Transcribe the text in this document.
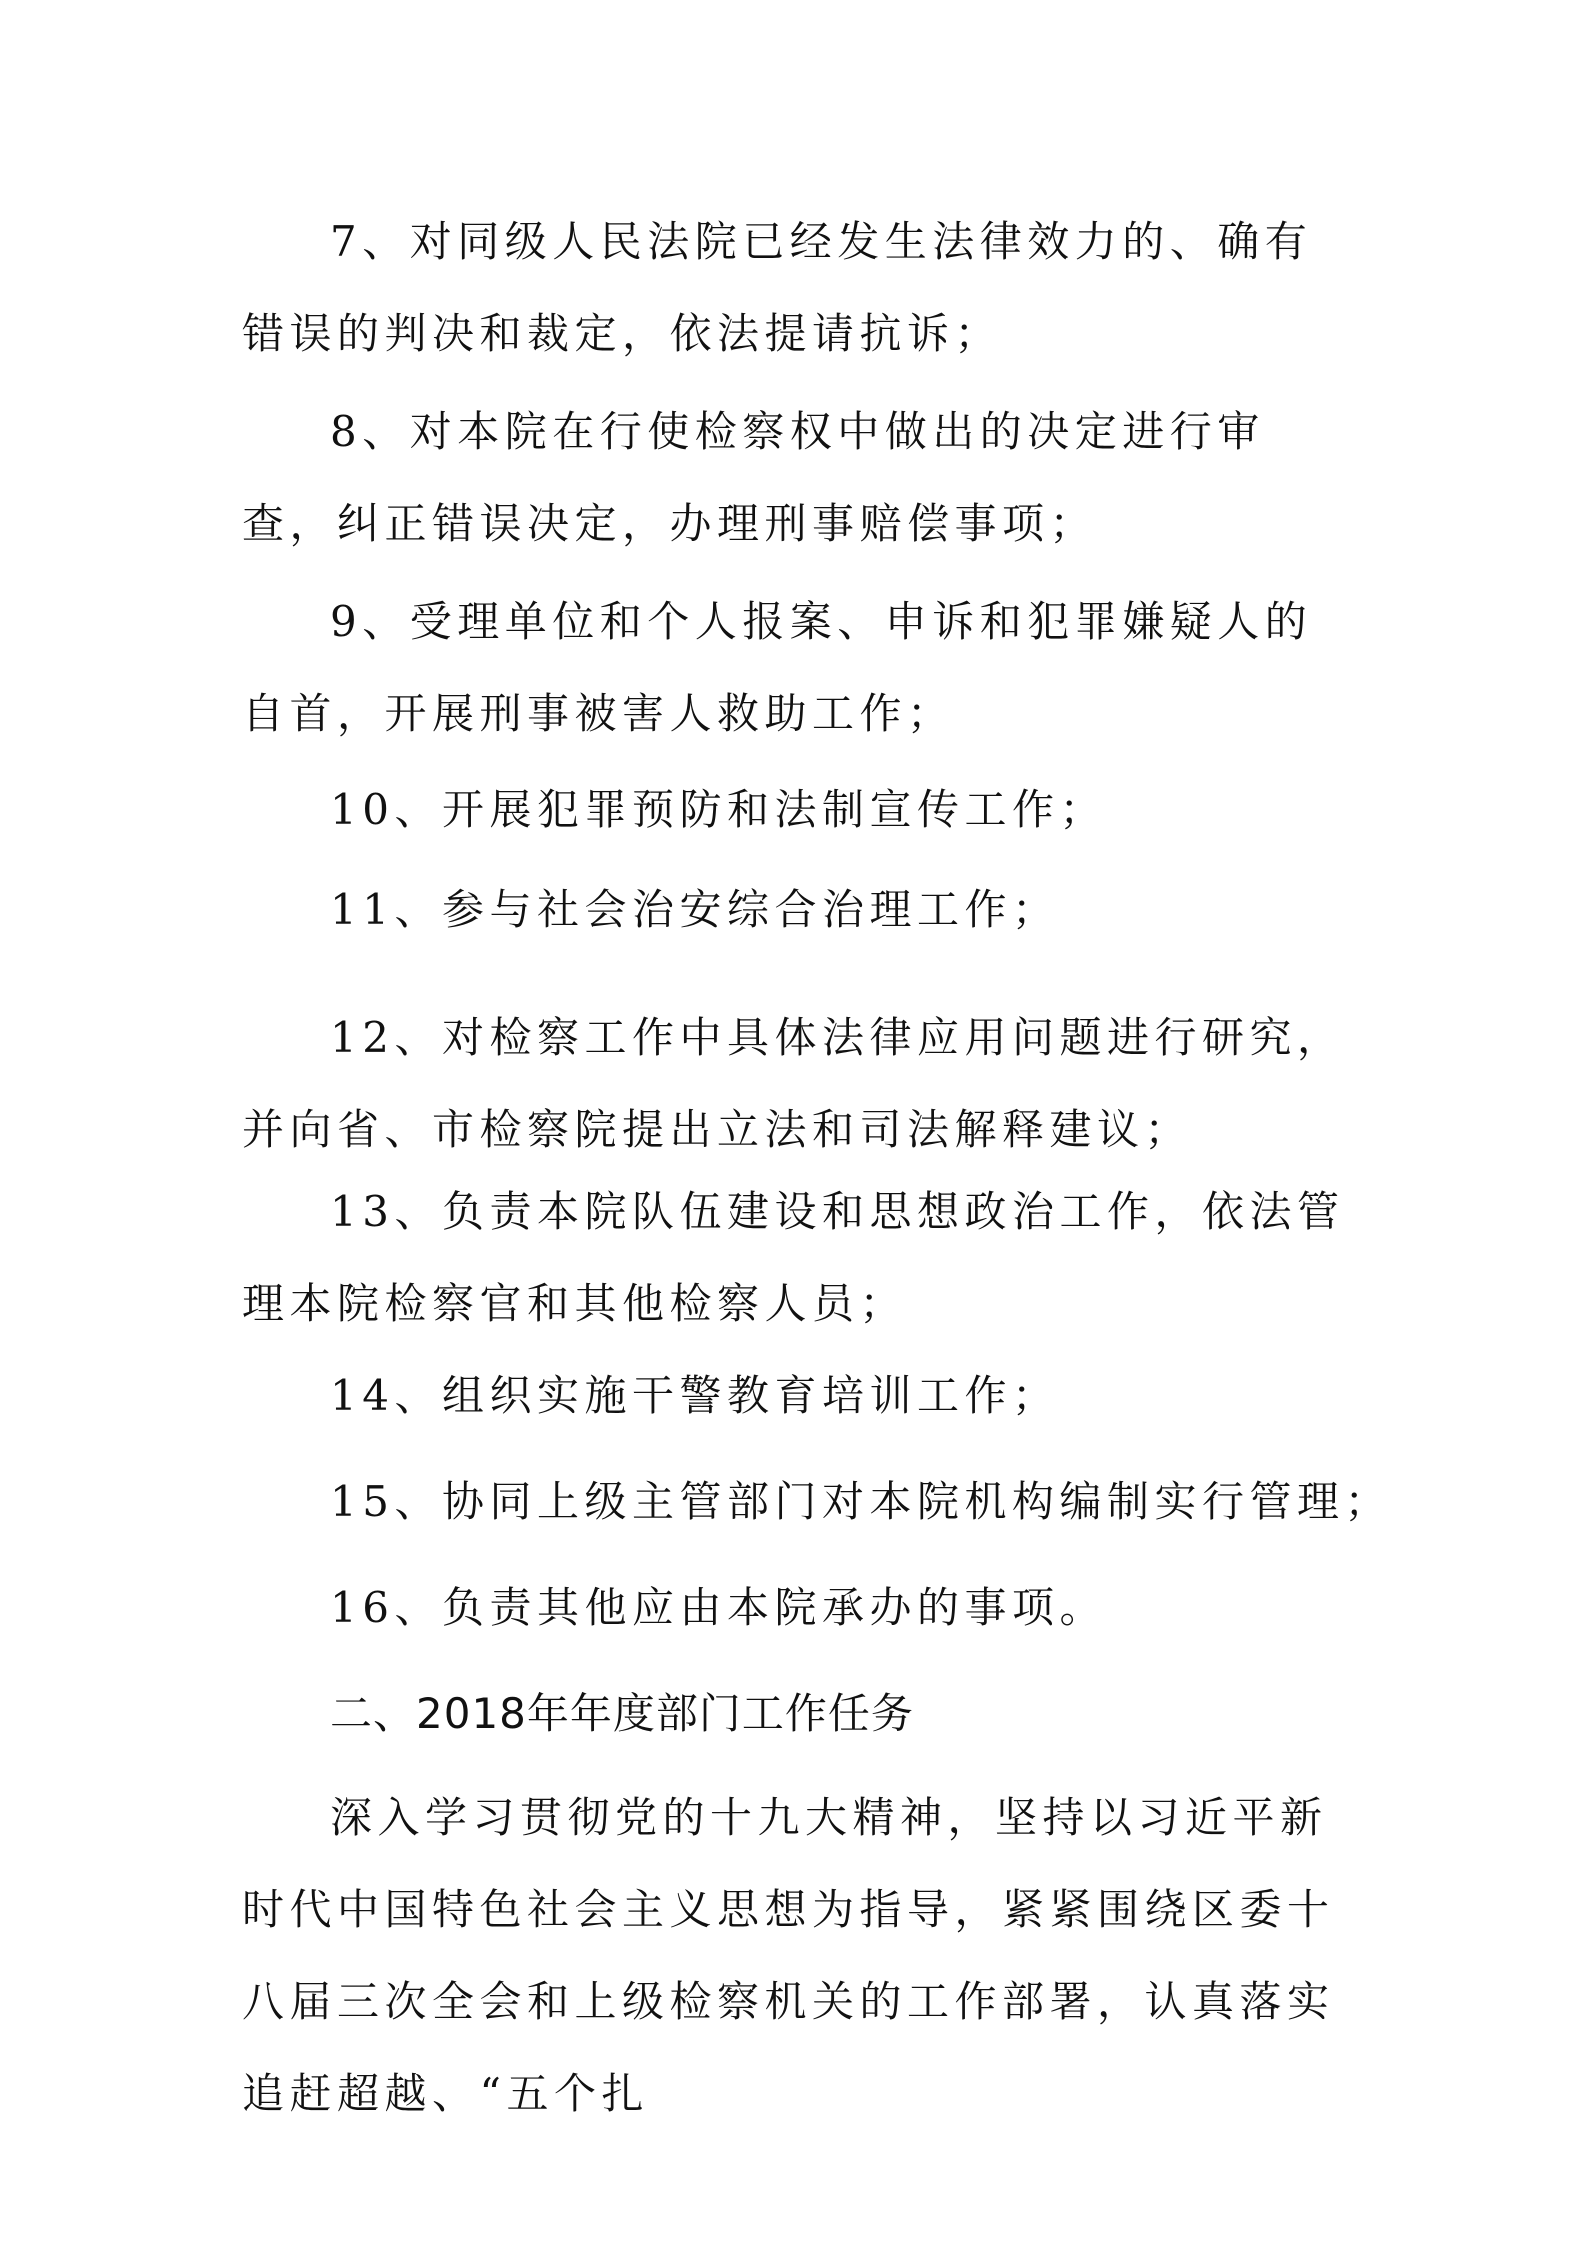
7、对同级人民法院已经发生法律效力的、确有错误的判决和裁定，依法提请抗诉；

8、对本院在行使检察权中做出的决定进行审查，纠正错误决定，办理刑事赔偿事项；

9、受理单位和个人报案、申诉和犯罪嫌疑人的自首，开展刑事被害人救助工作；

10、开展犯罪预防和法制宣传工作；

11、参与社会治安综合治理工作；

12、对检察工作中具体法律应用问题进行研究，并向省、市检察院提出立法和司法解释建议；

13、负责本院队伍建设和思想政治工作，依法管理本院检察官和其他检察人员；

14、组织实施干警教育培训工作；

15、协同上级主管部门对本院机构编制实行管理；

16、负责其他应由本院承办的事项。

二、2018年年度部门工作任务

深入学习贯彻党的十九大精神，坚持以习近平新时代中国特色社会主义思想为指导，紧紧围绕区委十八届三次全会和上级检察机关的工作部署，认真落实追赶超越、“五个扎
